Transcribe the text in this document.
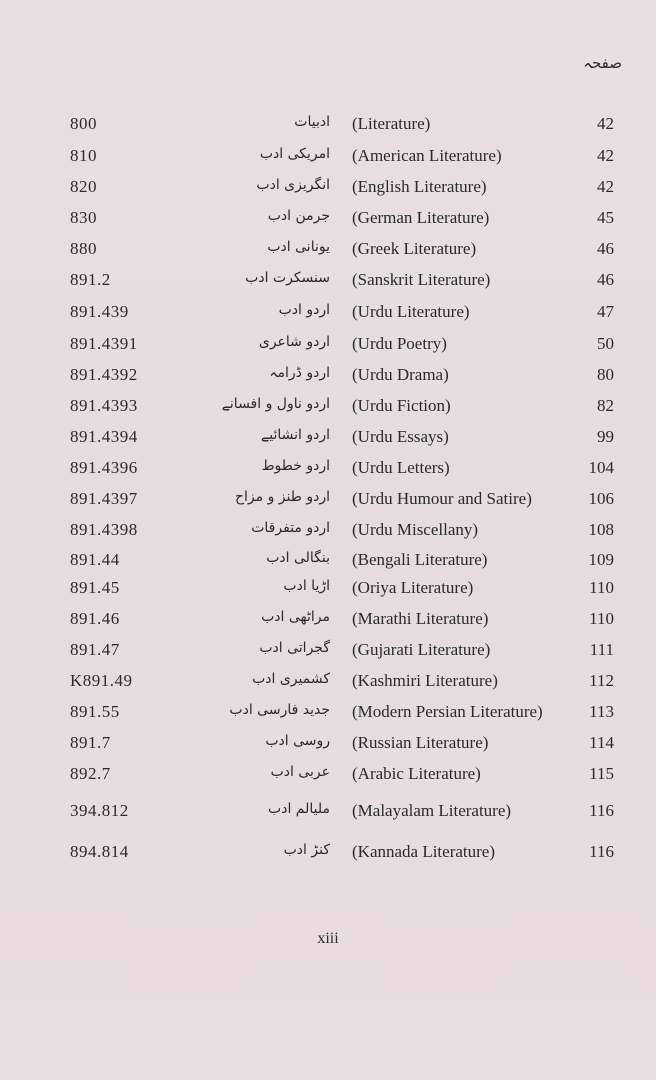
صفحہ
800	ادبیات (Literature)	42
810	امریکی ادب (American Literature)	42
820	انگریزی ادب (English Literature)	42
830	جرمن ادب (German Literature)	45
880	یونانی ادب (Greek Literature)	46
891.2	سنسکرت ادب (Sanskrit Literature)	46
891.439	اردو ادب (Urdu Literature)	47
891.4391	اردو شاعری (Urdu Poetry)	50
891.4392	اردو ڈرامہ (Urdu Drama)	80
891.4393	اردو ناول و افسانے (Urdu Fiction)	82
891.4394	اردو انشائیے (Urdu Essays)	99
891.4396	اردو خطوط (Urdu Letters)	104
891.4397	اردو طنز و مزاح (Urdu Humour and Satire)	106
891.4398	اردو متفرقات (Urdu Miscellany)	108
891.44	بنگالی ادب (Bengali Literature)	109
891.45	اڑیا ادب (Oriya Literature)	110
891.46	مراٹھی ادب (Marathi Literature)	110
891.47	گجراتی ادب (Gujarati Literature)	111
K891.49	کشمیری ادب (Kashmiri Literature)	112
891.55	جدید فارسی ادب (Modern Persian Literature)	113
891.7	روسی ادب (Russian Literature)	114
892.7	عربی ادب (Arabic Literature)	115
394.812	ملیالم ادب (Malayalam Literature)	116
894.814	کنڑ ادب (Kannada Literature)	116
xiii
